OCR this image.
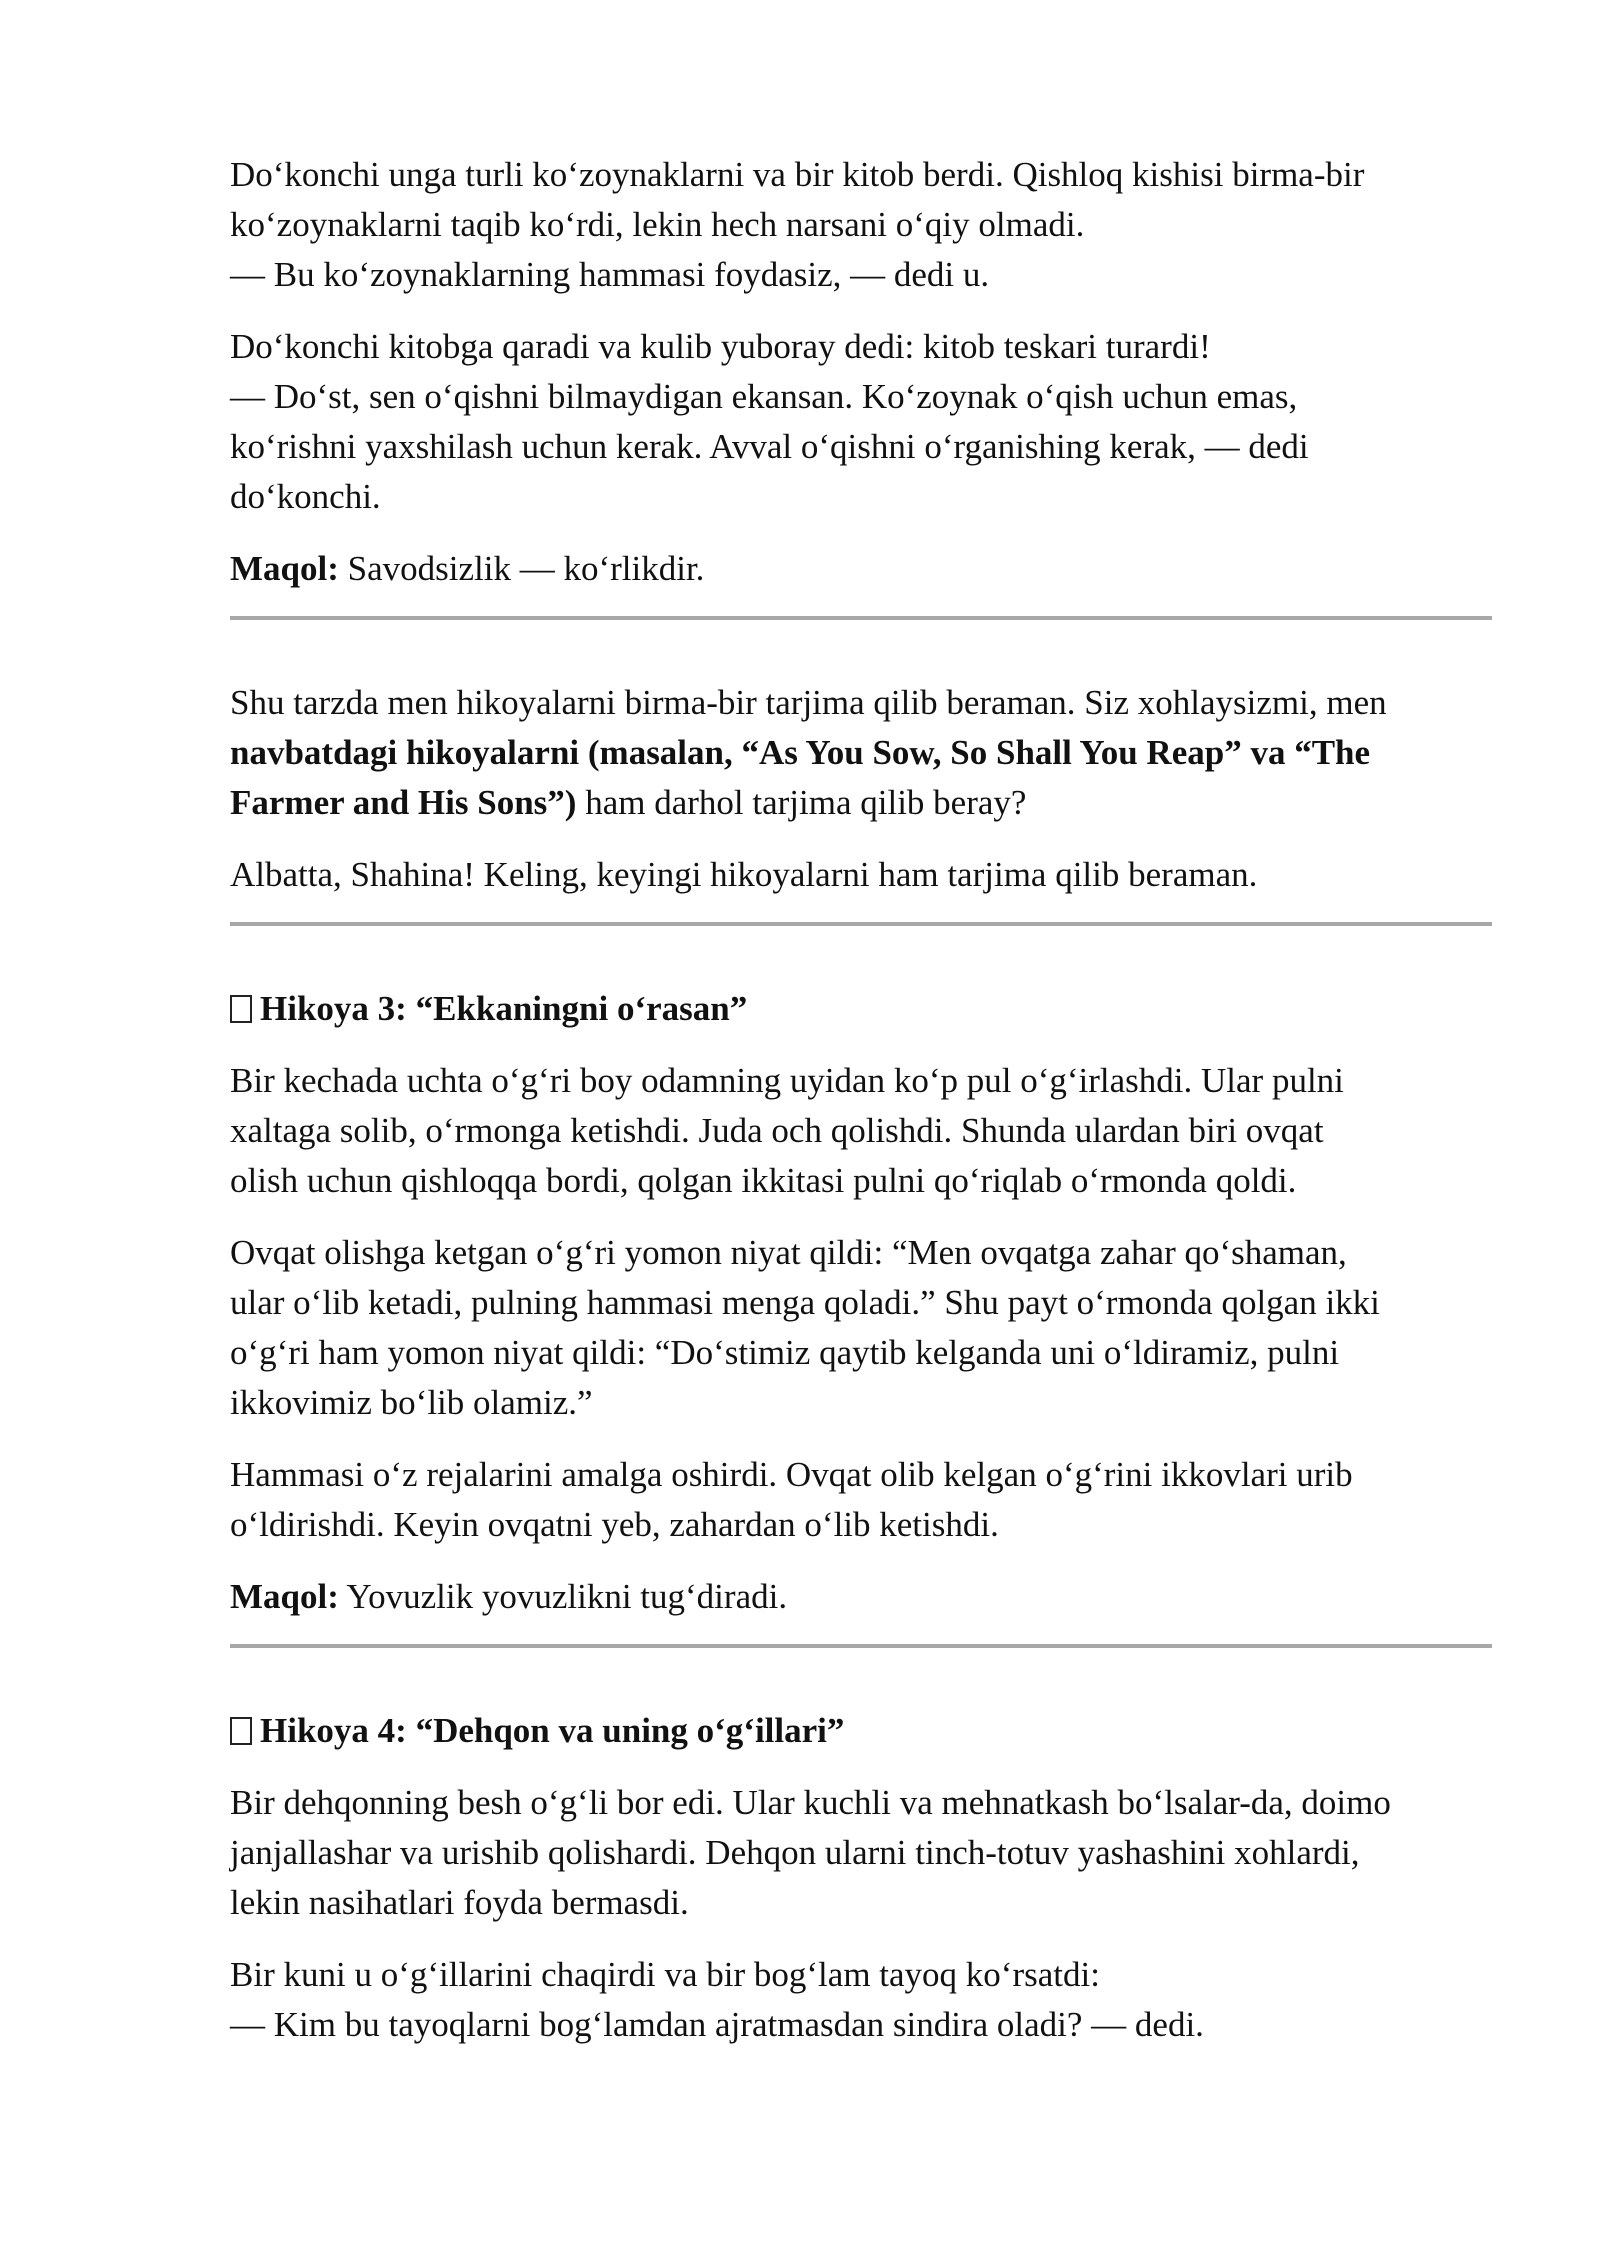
Do‘konchi unga turli ko‘zoynaklarni va bir kitob berdi. Qishloq kishisi birma-bir
ko‘zoynaklarni taqib ko‘rdi, lekin hech narsani o‘qiy olmadi.
— Bu ko‘zoynaklarning hammasi foydasiz, — dedi u.

Do‘konchi kitobga qaradi va kulib yuboray dedi: kitob teskari turardi!
— Do‘st, sen o‘qishni bilmaydigan ekansan. Ko‘zoynak o‘qish uchun emas,
ko‘rishni yaxshilash uchun kerak. Avval o‘qishni o‘rganishing kerak, — dedi
do‘konchi.

Maqol: Savodsizlik — ko‘rlikdir.

Shu tarzda men hikoyalarni birma-bir tarjima qilib beraman. Siz xohlaysizmi, men
navbatdagi hikoyalarni (masalan, “As You Sow, So Shall You Reap” va “The
Farmer and His Sons”) ham darhol tarjima qilib beray?

Albatta, Shahina! Keling, keyingi hikoyalarni ham tarjima qilib beraman.

Hikoya 3: “Ekkaningni o‘rasan”

Bir kechada uchta o‘g‘ri boy odamning uyidan ko‘p pul o‘g‘irlashdi. Ular pulni
xaltaga solib, o‘rmonga ketishdi. Juda och qolishdi. Shunda ulardan biri ovqat
olish uchun qishloqqa bordi, qolgan ikkitasi pulni qo‘riqlab o‘rmonda qoldi.

Ovqat olishga ketgan o‘g‘ri yomon niyat qildi: “Men ovqatga zahar qo‘shaman,
ular o‘lib ketadi, pulning hammasi menga qoladi.” Shu payt o‘rmonda qolgan ikki
o‘g‘ri ham yomon niyat qildi: “Do‘stimiz qaytib kelganda uni o‘ldiramiz, pulni
ikkovimiz bo‘lib olamiz.”

Hammasi o‘z rejalarini amalga oshirdi. Ovqat olib kelgan o‘g‘rini ikkovlari urib
o‘ldirishdi. Keyin ovqatni yeb, zahardan o‘lib ketishdi.

Maqol: Yovuzlik yovuzlikni tug‘diradi.

Hikoya 4: “Dehqon va uning o‘g‘illari”

Bir dehqonning besh o‘g‘li bor edi. Ular kuchli va mehnatkash bo‘lsalar-da, doimo
janjallashar va urishib qolishardi. Dehqon ularni tinch-totuv yashashini xohlardi,
lekin nasihatlari foyda bermasdi.

Bir kuni u o‘g‘illarini chaqirdi va bir bog‘lam tayoq ko‘rsatdi:
— Kim bu tayoqlarni bog‘lamdan ajratmasdan sindira oladi? — dedi.
